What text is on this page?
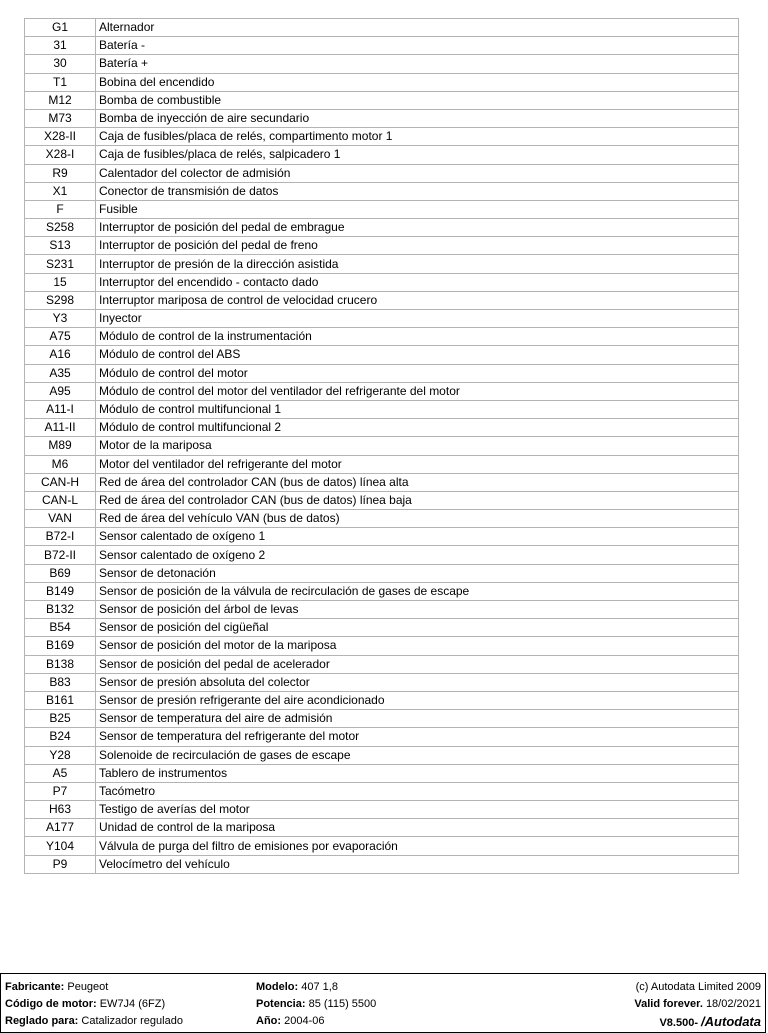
G1	Alternador
31	Batería -
30	Batería +
T1	Bobina del encendido
M12	Bomba de combustible
M73	Bomba de inyección de aire secundario
X28-II	Caja de fusibles/placa de relés, compartimento motor 1
X28-I	Caja de fusibles/placa de relés, salpicadero 1
R9	Calentador del colector de admisión
X1	Conector de transmisión de datos
F	Fusible
S258	Interruptor de posición del pedal de embrague
S13	Interruptor de posición del pedal de freno
S231	Interruptor de presión de la dirección asistida
15	Interruptor del encendido - contacto dado
S298	Interruptor mariposa de control de velocidad crucero
Y3	Inyector
A75	Módulo de control de la instrumentación
A16	Módulo de control del ABS
A35	Módulo de control del motor
A95	Módulo de control del motor del ventilador del refrigerante del motor
A11-I	Módulo de control multifuncional 1
A11-II	Módulo de control multifuncional 2
M89	Motor de la mariposa
M6	Motor del ventilador del refrigerante del motor
CAN-H	Red de área del controlador CAN (bus de datos) línea alta
CAN-L	Red de área del controlador CAN (bus de datos) línea baja
VAN	Red de área del vehículo VAN (bus de datos)
B72-I	Sensor calentado de oxígeno 1
B72-II	Sensor calentado de oxígeno 2
B69	Sensor de detonación
B149	Sensor de posición de la válvula de recirculación de gases de escape
B132	Sensor de posición del árbol de levas
B54	Sensor de posición del cigüeñal
B169	Sensor de posición del motor de la mariposa
B138	Sensor de posición del pedal de acelerador
B83	Sensor de presión absoluta del colector
B161	Sensor de presión refrigerante del aire acondicionado
B25	Sensor de temperatura del aire de admisión
B24	Sensor de temperatura del refrigerante del motor
Y28	Solenoide de recirculación de gases de escape
A5	Tablero de instrumentos
P7	Tacómetro
H63	Testigo de averías del motor
A177	Unidad de control de la mariposa
Y104	Válvula de purga del filtro de emisiones por evaporación
P9	Velocímetro del vehículo
Fabricante: Peugeot
Código de motor: EW7J4 (6FZ)
Reglado para: Catalizador regulado
Modelo: 407 1,8
Potencia: 85 (115) 5500
Año: 2004-06
(c) Autodata Limited 2009
Valid forever. 18/02/2021
V8.500- /Autodata
